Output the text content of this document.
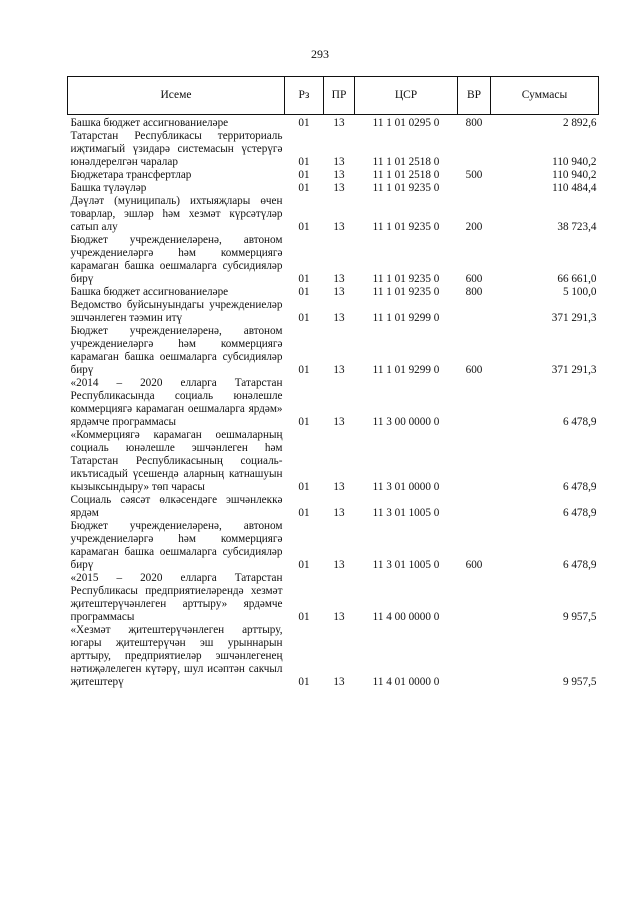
293
Исеме	Рз	ПР	ЦСР	ВР	Суммасы
Башка бюджет ассигнованиеләре	01	13	11 1 01 0295 0	800	2 892,6
Татарстан Республикасы территориаль иҗтимагый үзидарә системасын үстерүгә юнәлдерелгән чаралар	01	13	11 1 01 2518 0		110 940,2
Бюджетара трансфертлар	01	13	11 1 01 2518 0	500	110 940,2
Башка түләүләр	01	13	11 1 01 9235 0		110 484,4
Дәүләт (муниципаль) ихтыяҗлары өчен товарлар, эшләр һәм хезмәт күрсәтүләр сатып алу	01	13	11 1 01 9235 0	200	38 723,4
Бюджет учреждениеләренә, автоном учреждениеләргә һәм коммерциягә карамаган башка оешмаларга субсидияләр бирү	01	13	11 1 01 9235 0	600	66 661,0
Башка бюджет ассигнованиеләре	01	13	11 1 01 9235 0	800	5 100,0
Ведомство буйсынуындагы учреждениеләр эшчәнлеген тәэмин итү	01	13	11 1 01 9299 0		371 291,3
Бюджет учреждениеләренә, автоном учреждениеләргә һәм коммерциягә карамаган башка оешмаларга субсидияләр бирү	01	13	11 1 01 9299 0	600	371 291,3
«2014 – 2020 елларга Татарстан Республикасында социаль юнәлешле коммерциягә карамаган оешмаларга ярдәм» ярдәмче программасы	01	13	11 3 00 0000 0		6 478,9
«Коммерциягә карамаган оешмаларның социаль юнәлешле эшчәнлеген һәм Татарстан Республикасының социаль-икътисадый үсешендә аларның катнашуын кызыксындыру» төп чарасы	01	13	11 3 01 0000 0		6 478,9
Социаль сәясәт өлкәсендәге эшчәнлеккә ярдәм	01	13	11 3 01 1005 0		6 478,9
Бюджет учреждениеләренә, автоном учреждениеләргә һәм коммерциягә карамаган башка оешмаларга субсидияләр бирү	01	13	11 3 01 1005 0	600	6 478,9
«2015 – 2020 елларга Татарстан Республикасы предприятиеләрендә хезмәт җитештерүчәнлеген арттыру» ярдәмче программасы	01	13	11 4 00 0000 0		9 957,5
«Хезмәт җитештерүчәнлеген арттыру, югары җитештерүчән эш урыннарын арттыру, предприятиеләр эшчәнлегенең нәтиҗәлелеген күтәрү, шул исәптән сакчыл җитештерү	01	13	11 4 01 0000 0		9 957,5
